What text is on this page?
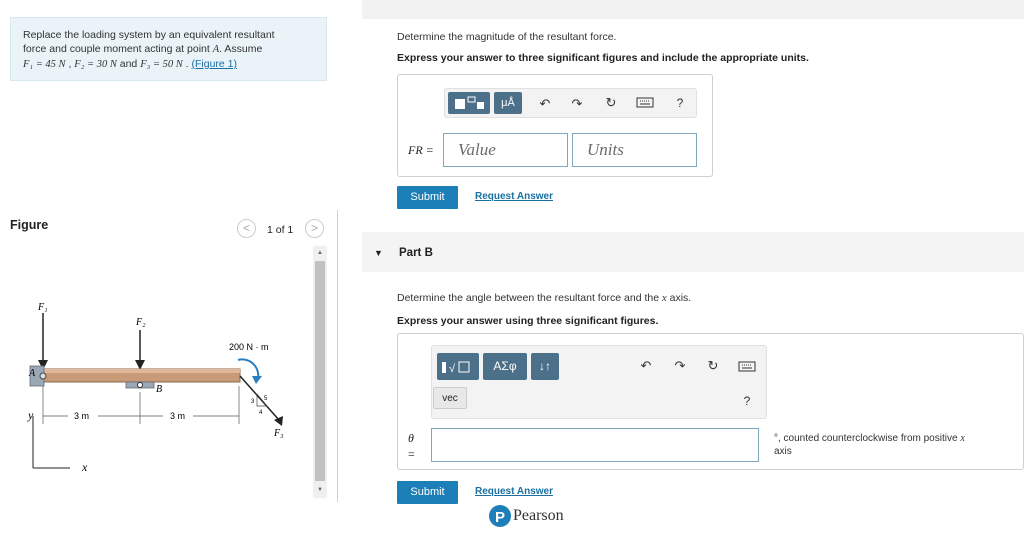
Replace the loading system by an equivalent resultant
force and couple moment acting at point A. Assume
F₁ = 45 N , F₂ = 30 N and F₃ = 50 N . (Figure 1)
Figure	<	1 of 1	>
F₁
F₂
A
B
200 N · m
F₃
3 5
4
3 m	3 m
y
x
▲
▼
Determine the magnitude of the resultant force.
Express your answer to three significant figures and include the appropriate units.
μÅ	↶ ↷ ↻	?
FR =	Value	Units
Submit	Request Answer
▼ Part B
Determine the angle between the resultant force and the x axis.
Express your answer using three significant figures.
√	ΑΣφ	↓↑
vec
↶ ↷ ↻
?
θ
=
°, counted counterclockwise from positive x
axis
Submit	Request Answer
P Pearson
